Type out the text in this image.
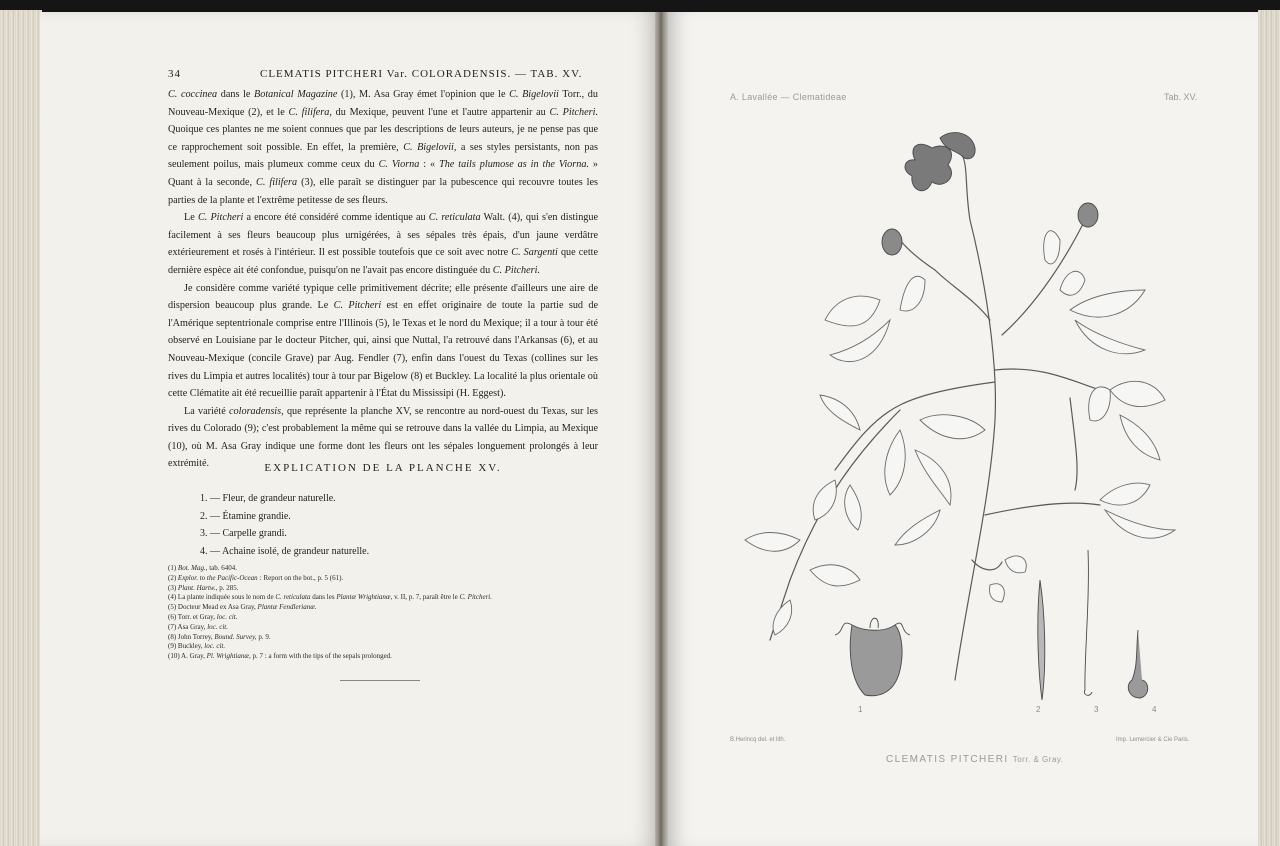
34	CLEMATIS PITCHERI Var. COLORADENSIS. — TAB. XV.

C. coccinea dans le Botanical Magazine (1), M. Asa Gray émet l'opinion que le C. Bigelovii Torr., du Nouveau-Mexique (2), et le C. filifera, du Mexique, peuvent l'une et l'autre appartenir au C. Pitcheri. Quoique ces plantes ne me soient connues que par les descriptions de leurs auteurs, je ne pense pas que ce rapprochement soit possible. En effet, la première, C. Bigelovii, a ses styles persistants, non pas seulement poilus, mais plumeux comme ceux du C. Viorna : « The tails plumose as in the Viorna. » Quant à la seconde, C. filifera (3), elle paraît se distinguer par la pubescence qui recouvre toutes les parties de la plante et l'extrême petitesse de ses fleurs.

Le C. Pitcheri a encore été considéré comme identique au C. reticulata Walt. (4), qui s'en distingue facilement à ses fleurs beaucoup plus urnigérées, à ses sépales très épais, d'un jaune verdâtre extérieurement et rosés à l'intérieur. Il est possible toutefois que ce soit avec notre C. Sargenti que cette dernière espèce ait été confondue, puisqu'on ne l'avait pas encore distinguée du C. Pitcheri.

Je considère comme variété typique celle primitivement décrite; elle présente d'ailleurs une aire de dispersion beaucoup plus grande. Le C. Pitcheri est en effet originaire de toute la partie sud de l'Amérique septentrionale comprise entre l'Illinois (5), le Texas et le nord du Mexique; il a tour à tour été observé en Louisiane par le docteur Pitcher, qui, ainsi que Nuttal, l'a retrouvé dans l'Arkansas (6), et au Nouveau-Mexique (concile Grave) par Aug. Fendler (7), enfin dans l'ouest du Texas (collines sur les rives du Limpia et autres localités) tour à tour par Bigelow (8) et Buckley. La localité la plus orientale où cette Clématite ait été recueillie paraît appartenir à l'État du Mississipi (H. Eggest).

La variété coloradensis, que représente la planche XV, se rencontre au nord-ouest du Texas, sur les rives du Colorado (9); c'est probablement la même qui se retrouve dans la vallée du Limpia, au Mexique (10), où M. Asa Gray indique une forme dont les fleurs ont les sépales longuement prolongés à leur extrémité.	EXPLICATION DE LA PLANCHE XV.
1. — Fleur, de grandeur naturelle.
2. — Étamine grandie.
3. — Carpelle grandi.
4. — Achaine isolé, de grandeur naturelle.
(1) Bot. Mag., tab. 6404.
(2) Explor. to the Pacific-Ocean : Report on the bot., p. 5 (61).
(3) Plant. Hartw., p. 285.
(4) La plante indiquée sous le nom de C. reticulata dans les Plantæ Wrightianæ, v. II, p. 7, paraît être le C. Pitcheri.
(5) Docteur Mead ex Asa Gray, Plantæ Fendlerianæ.
(6) Torr. et Gray, loc. cit.
(7) Asa Gray, loc. cit.
(8) John Torrey, Bound. Survey, p. 9.
(9) Buckley, loc. cit.
(10) A. Gray, Pl. Wrightianæ, p. 7 : a form with the tips of the sepals prolonged.
A. Lavallée — Clematideae	Tab. XV.
1	2	3	4
B.Herincq del. et lith.	Imp. Lemercier & Cie Paris.
CLEMATIS PITCHERI Torr. & Gray.
